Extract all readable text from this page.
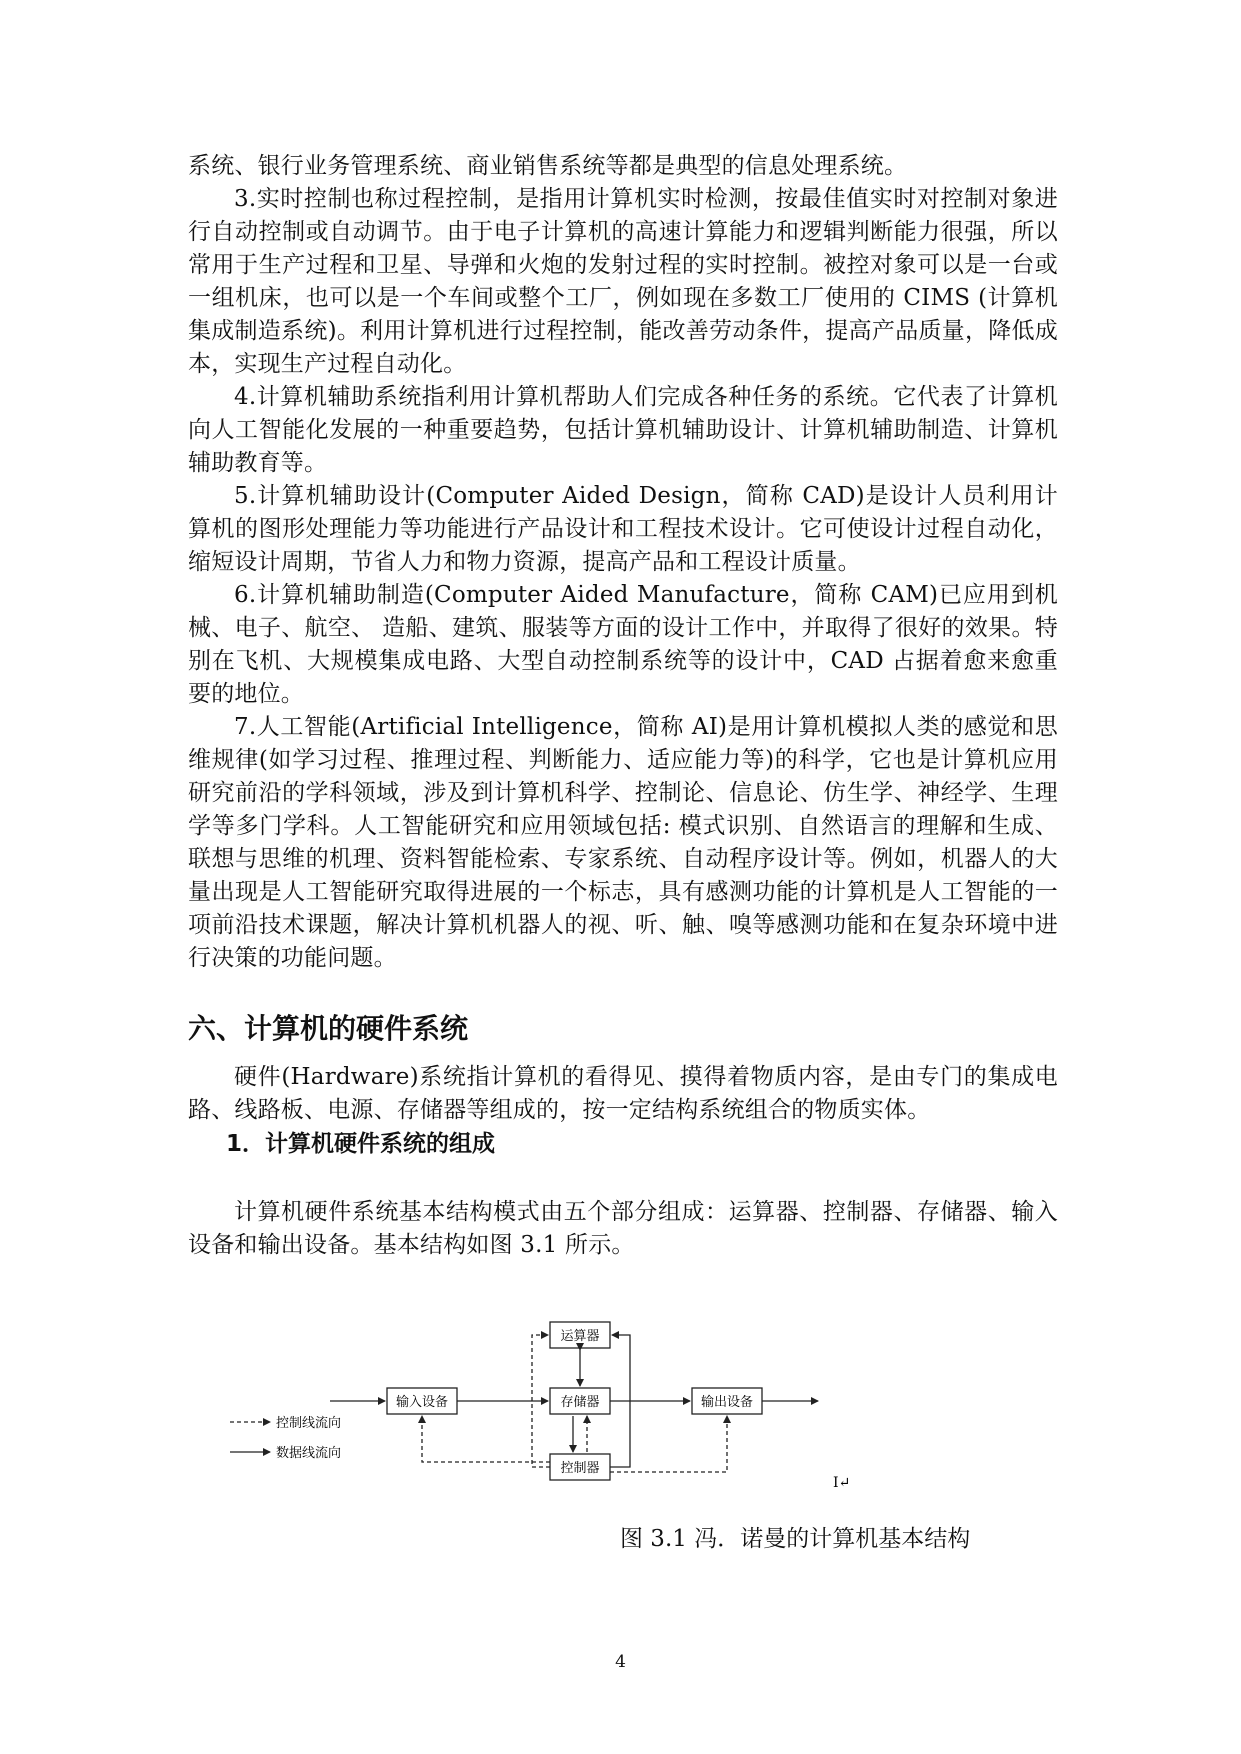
系统、银行业务管理系统、商业销售系统等都是典型的信息处理系统。

3.实时控制也称过程控制，是指用计算机实时检测，按最佳值实时对控制对象进行自动控制或自动调节。由于电子计算机的高速计算能力和逻辑判断能力很强，所以常用于生产过程和卫星、导弹和火炮的发射过程的实时控制。被控对象可以是一台或一组机床，也可以是一个车间或整个工厂，例如现在多数工厂使用的 CIMS (计算机集成制造系统)。利用计算机进行过程控制，能改善劳动条件，提高产品质量，降低成本，实现生产过程自动化。

4.计算机辅助系统指利用计算机帮助人们完成各种任务的系统。它代表了计算机向人工智能化发展的一种重要趋势，包括计算机辅助设计、计算机辅助制造、计算机辅助教育等。

5.计算机辅助设计(Computer Aided Design，简称 CAD)是设计人员利用计算机的图形处理能力等功能进行产品设计和工程技术设计。它可使设计过程自动化，缩短设计周期，节省人力和物力资源，提高产品和工程设计质量。

6.计算机辅助制造(Computer Aided Manufacture，简称 CAM)已应用到机械、电子、航空、 造船、建筑、服装等方面的设计工作中，并取得了很好的效果。特别在飞机、大规模集成电路、大型自动控制系统等的设计中，CAD 占据着愈来愈重要的地位。

7.人工智能(Artificial Intelligence，简称 AI)是用计算机模拟人类的感觉和思维规律(如学习过程、推理过程、判断能力、适应能力等)的科学，它也是计算机应用研究前沿的学科领域，涉及到计算机科学、控制论、信息论、仿生学、神经学、生理学等多门学科。人工智能研究和应用领域包括: 模式识别、自然语言的理解和生成、联想与思维的机理、资料智能检索、专家系统、自动程序设计等。例如，机器人的大量出现是人工智能研究取得进展的一个标志，具有感测功能的计算机是人工智能的一项前沿技术课题，解决计算机机器人的视、听、触、嗅等感测功能和在复杂环境中进行决策的功能问题。

六、计算机的硬件系统

硬件(Hardware)系统指计算机的看得见、摸得着物质内容，是由专门的集成电路、线路板、电源、存储器等组成的，按一定结构系统组合的物质实体。

1．计算机硬件系统的组成

计算机硬件系统基本结构模式由五个部分组成：运算器、控制器、存储器、输入设备和输出设备。基本结构如图 3.1 所示。

运算器
存储器
控制器
输入设备	输出设备
控制线流向
数据线流向
I↵
图 3.1 冯．诺曼的计算机基本结构
4
